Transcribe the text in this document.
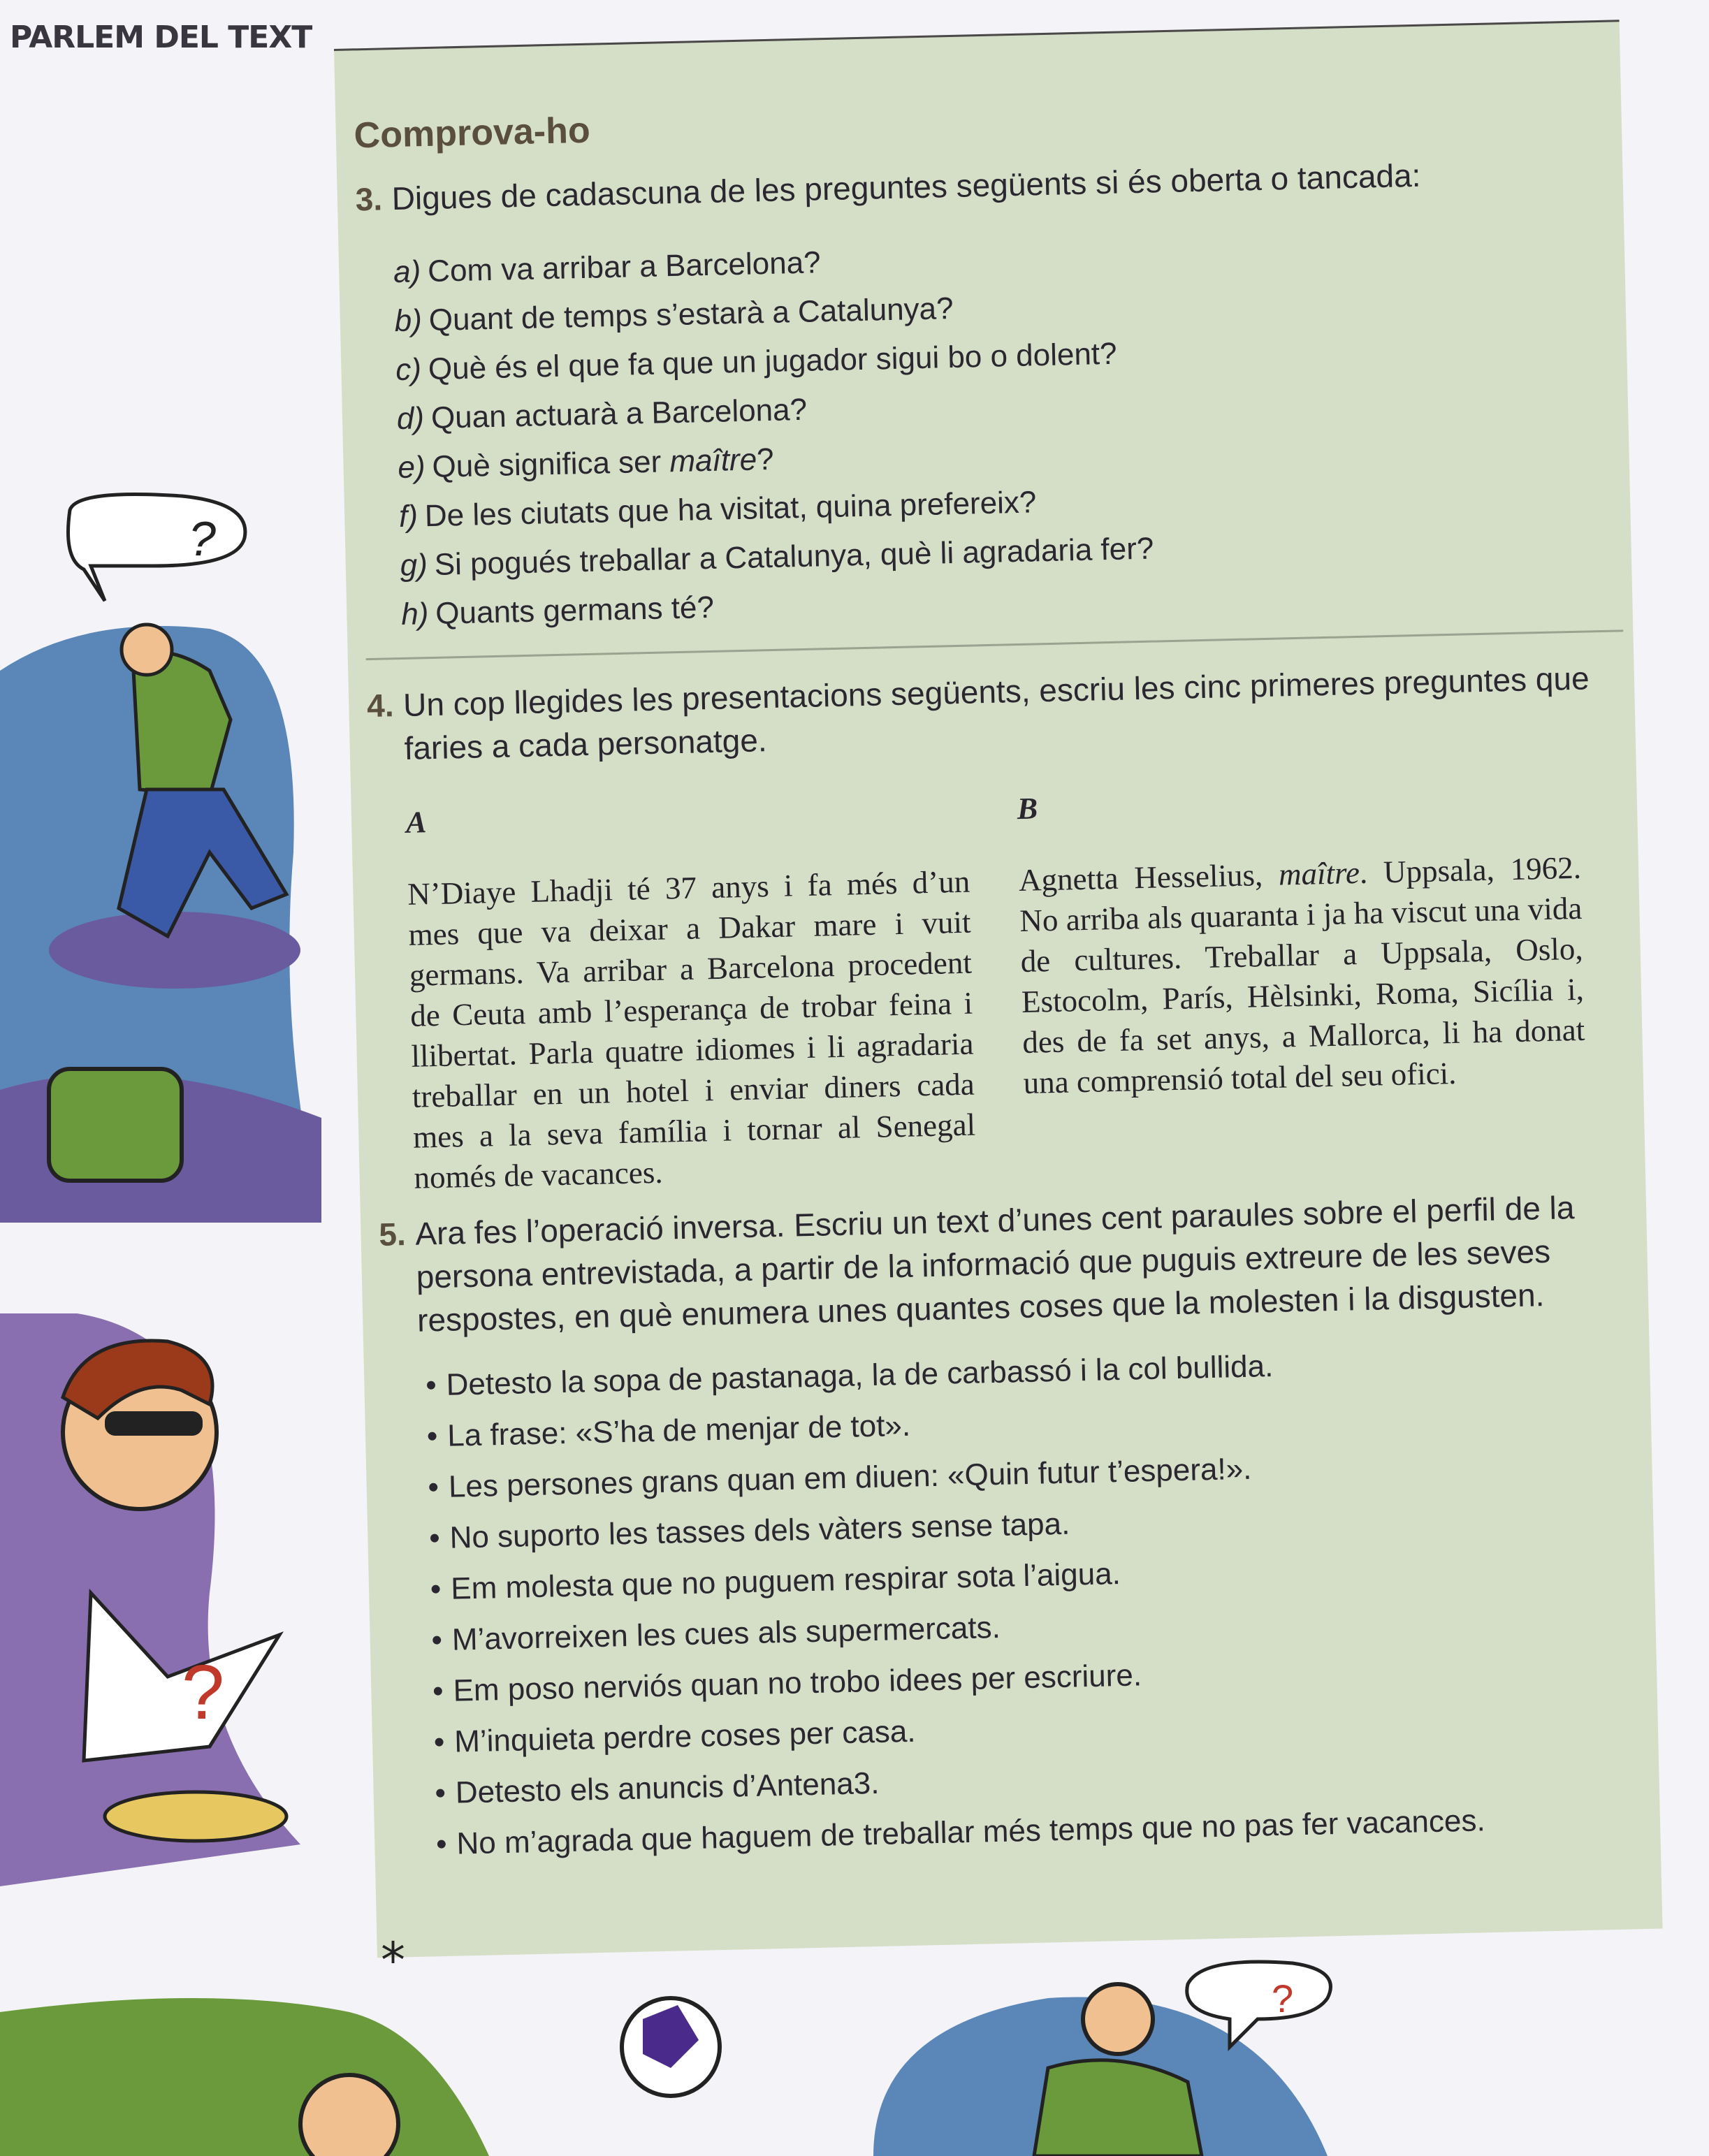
PARLEM DEL TEXT
Comprova-ho
3. Digues de cadascuna de les preguntes següents si és oberta o tancada:
a) Com va arribar a Barcelona?
b) Quant de temps s’estarà a Catalunya?
c) Què és el que fa que un jugador sigui bo o dolent?
d) Quan actuarà a Barcelona?
e) Què significa ser maître?
f) De les ciutats que ha visitat, quina prefereix?
g) Si pogués treballar a Catalunya, què li agradaria fer?
h) Quants germans té?
4. Un cop llegides les presentacions següents, escriu les cinc primeres preguntes que faries a cada personatge.
A
N’Diaye Lhadji té 37 anys i fa més d’un mes que va deixar a Dakar mare i vuit germans. Va arribar a Barcelona procedent de Ceuta amb l’esperança de trobar feina i llibertat. Parla quatre idiomes i li agradaria treballar en un hotel i enviar diners cada mes a la seva família i tornar al Senegal només de vacances.
B
Agnetta Hesselius, maître. Uppsala, 1962. No arriba als quaranta i ja ha viscut una vida de cultures. Treballar a Uppsala, Oslo, Estocolm, París, Hèlsinki, Roma, Sicília i, des de fa set anys, a Mallorca, li ha donat una comprensió total del seu ofici.
5. Ara fes l’operació inversa. Escriu un text d’unes cent paraules sobre el perfil de la persona entrevistada, a partir de la informació que puguis extreure de les seves respostes, en què enumera unes quantes coses que la molesten i la disgusten.
• Detesto la sopa de pastanaga, la de carbassó i la col bullida.
• La frase: «S’ha de menjar de tot».
• Les persones grans quan em diuen: «Quin futur t’espera!».
• No suporto les tasses dels vàters sense tapa.
• Em molesta que no puguem respirar sota l’aigua.
• M’avorreixen les cues als supermercats.
• Em poso nerviós quan no trobo idees per escriure.
• M’inquieta perdre coses per casa.
• Detesto els anuncis d’Antena3.
• No m’agrada que haguem de treballar més temps que no pas fer vacances.
?
?
*
?
